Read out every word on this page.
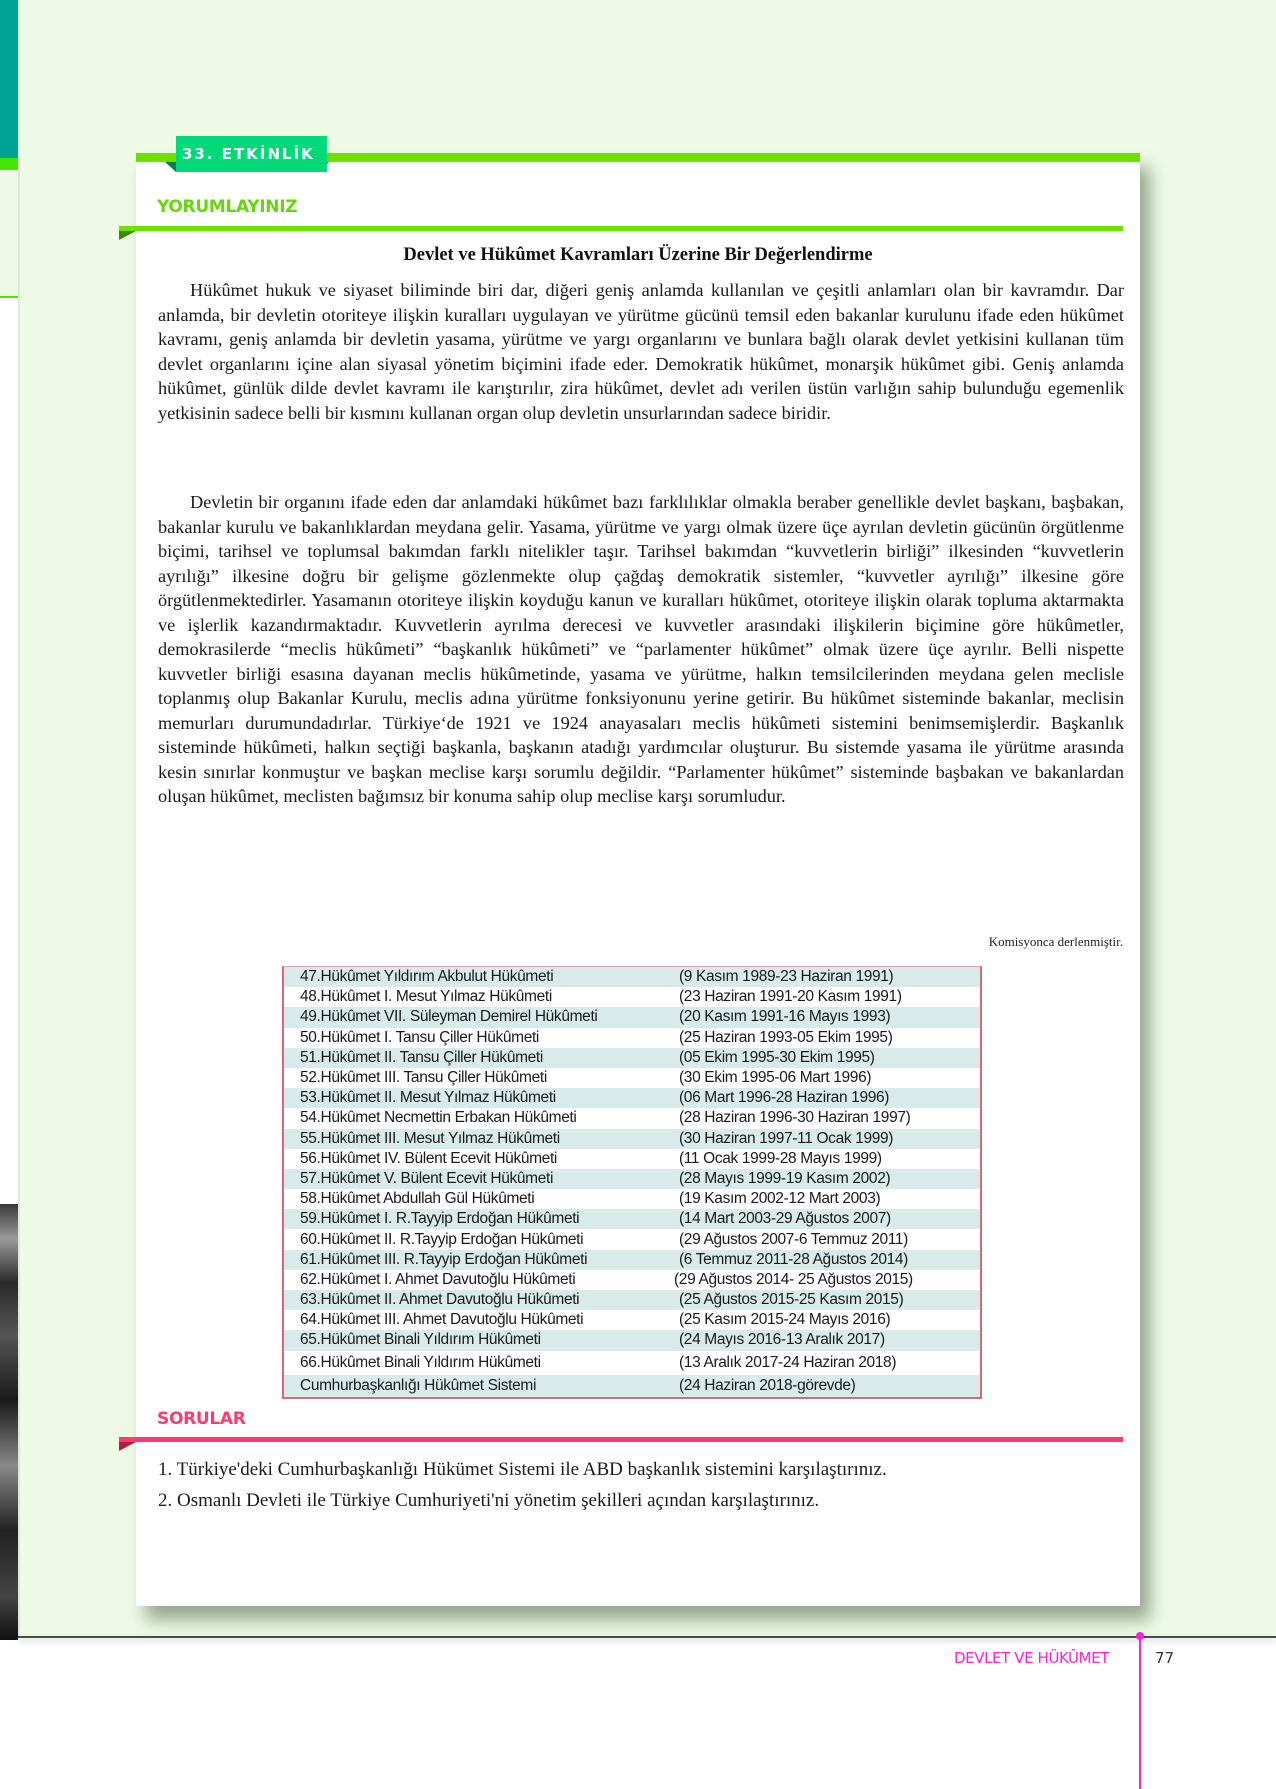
33. ETKİNLİK
YORUMLAYINIZ
Devlet ve Hükûmet Kavramları Üzerine Bir Değerlendirme

Hükûmet hukuk ve siyaset biliminde biri dar, diğeri geniş anlamda kullanılan ve çeşitli anlamları olan bir kavramdır. Dar anlamda, bir devletin otoriteye ilişkin kuralları uygulayan ve yürütme gücünü temsil eden bakanlar kurulunu ifade eden hükûmet kavramı, geniş anlamda bir devletin yasama, yürütme ve yargı organlarını ve bunlara bağlı olarak devlet yetkisini kullanan tüm devlet organlarını içine alan siyasal yönetim biçimini ifade eder. Demokratik hükûmet, monarşik hükûmet gibi. Geniş anlamda hükûmet, günlük dilde devlet kavramı ile karıştırılır, zira hükûmet, devlet adı verilen üstün varlığın sahip bulunduğu egemenlik yetkisinin sadece belli bir kısmını kullanan organ olup devletin unsurlarından sadece biridir.

Devletin bir organını ifade eden dar anlamdaki hükûmet bazı farklılıklar olmakla beraber genellikle devlet başkanı, başbakan, bakanlar kurulu ve bakanlıklardan meydana gelir. Yasama, yürütme ve yargı olmak üzere üçe ayrılan devletin gücünün örgütlenme biçimi, tarihsel ve toplumsal bakımdan farklı nitelikler taşır. Tarihsel bakımdan “kuvvetlerin birliği” ilkesinden “kuvvetlerin ayrılığı” ilkesine doğru bir gelişme gözlenmekte olup çağdaş demokratik sistemler, “kuvvetler ayrılığı” ilkesine göre örgütlenmektedirler. Yasamanın otoriteye ilişkin koyduğu kanun ve kuralları hükûmet, otoriteye ilişkin olarak topluma aktarmakta ve işlerlik kazandırmaktadır. Kuvvetlerin ayrılma derecesi ve kuvvetler arasındaki ilişkilerin biçimine göre hükûmetler, demokrasilerde “meclis hükûmeti” “başkanlık hükûmeti” ve “parlamenter hükûmet” olmak üzere üçe ayrılır. Belli nispette kuvvetler birliği esasına dayanan meclis hükûmetinde, yasama ve yürütme, halkın temsilcilerinden meydana gelen meclisle toplanmış olup Bakanlar Kurulu, meclis adına yürütme fonksiyonunu yerine getirir. Bu hükûmet sisteminde bakanlar, meclisin memurları durumundadırlar. Türkiye‘de 1921 ve 1924 anayasaları meclis hükûmeti sistemini benimsemişlerdir. Başkanlık sisteminde hükûmeti, halkın seçtiği başkanla, başkanın atadığı yardımcılar oluşturur. Bu sistemde yasama ile yürütme arasında kesin sınırlar konmuştur ve başkan meclise karşı sorumlu değildir. “Parlamenter hükûmet” sisteminde başbakan ve bakanlardan oluşan hükûmet, meclisten bağımsız bir konuma sahip olup meclise karşı sorumludur.

Komisyonca derlenmiştir.
47.Hükûmet Yıldırım Akbulut Hükûmeti	(9 Kasım 1989-23 Haziran 1991)
48.Hükûmet I. Mesut Yılmaz Hükûmeti	(23 Haziran 1991-20 Kasım 1991)
49.Hükûmet VII. Süleyman Demirel Hükûmeti	(20 Kasım 1991-16 Mayıs 1993)
50.Hükûmet I. Tansu Çiller Hükûmeti	(25 Haziran 1993-05 Ekim 1995)
51.Hükûmet II. Tansu Çiller Hükûmeti	(05 Ekim 1995-30 Ekim 1995)
52.Hükûmet III. Tansu Çiller Hükûmeti	(30 Ekim 1995-06 Mart 1996)
53.Hükûmet II. Mesut Yılmaz Hükûmeti	(06 Mart 1996-28 Haziran 1996)
54.Hükûmet Necmettin Erbakan Hükûmeti	(28 Haziran 1996-30 Haziran 1997)
55.Hükûmet III. Mesut Yılmaz Hükûmeti	(30 Haziran 1997-11 Ocak 1999)
56.Hükûmet IV. Bülent Ecevit Hükûmeti	(11 Ocak 1999-28 Mayıs 1999)
57.Hükûmet V. Bülent Ecevit Hükûmeti	(28 Mayıs 1999-19 Kasım 2002)
58.Hükûmet Abdullah Gül Hükûmeti	(19 Kasım 2002-12 Mart 2003)
59.Hükûmet I. R.Tayyip Erdoğan Hükûmeti	(14 Mart 2003-29 Ağustos 2007)
60.Hükûmet II. R.Tayyip Erdoğan Hükûmeti	(29 Ağustos 2007-6 Temmuz 2011)
61.Hükûmet III. R.Tayyip Erdoğan Hükûmeti	(6 Temmuz 2011-28 Ağustos 2014)
62.Hükûmet I. Ahmet Davutoğlu Hükûmeti	(29 Ağustos 2014- 25 Ağustos 2015)
63.Hükûmet II. Ahmet Davutoğlu Hükûmeti	(25 Ağustos 2015-25 Kasım 2015)
64.Hükûmet III. Ahmet Davutoğlu Hükûmeti	(25 Kasım 2015-24 Mayıs 2016)
65.Hükûmet Binali Yıldırım Hükûmeti	(24 Mayıs 2016-13 Aralık 2017)
66.Hükûmet Binali Yıldırım Hükûmeti	(13 Aralık 2017-24 Haziran 2018)
Cumhurbaşkanlığı Hükûmet Sistemi	(24 Haziran 2018-görevde)
SORULAR
1. Türkiye'deki Cumhurbaşkanlığı Hükümet Sistemi ile ABD başkanlık sistemini karşılaştırınız.
2. Osmanlı Devleti ile Türkiye Cumhuriyeti'ni yönetim şekilleri açından karşılaştırınız.
DEVLET VE HÜKÛMET	77
